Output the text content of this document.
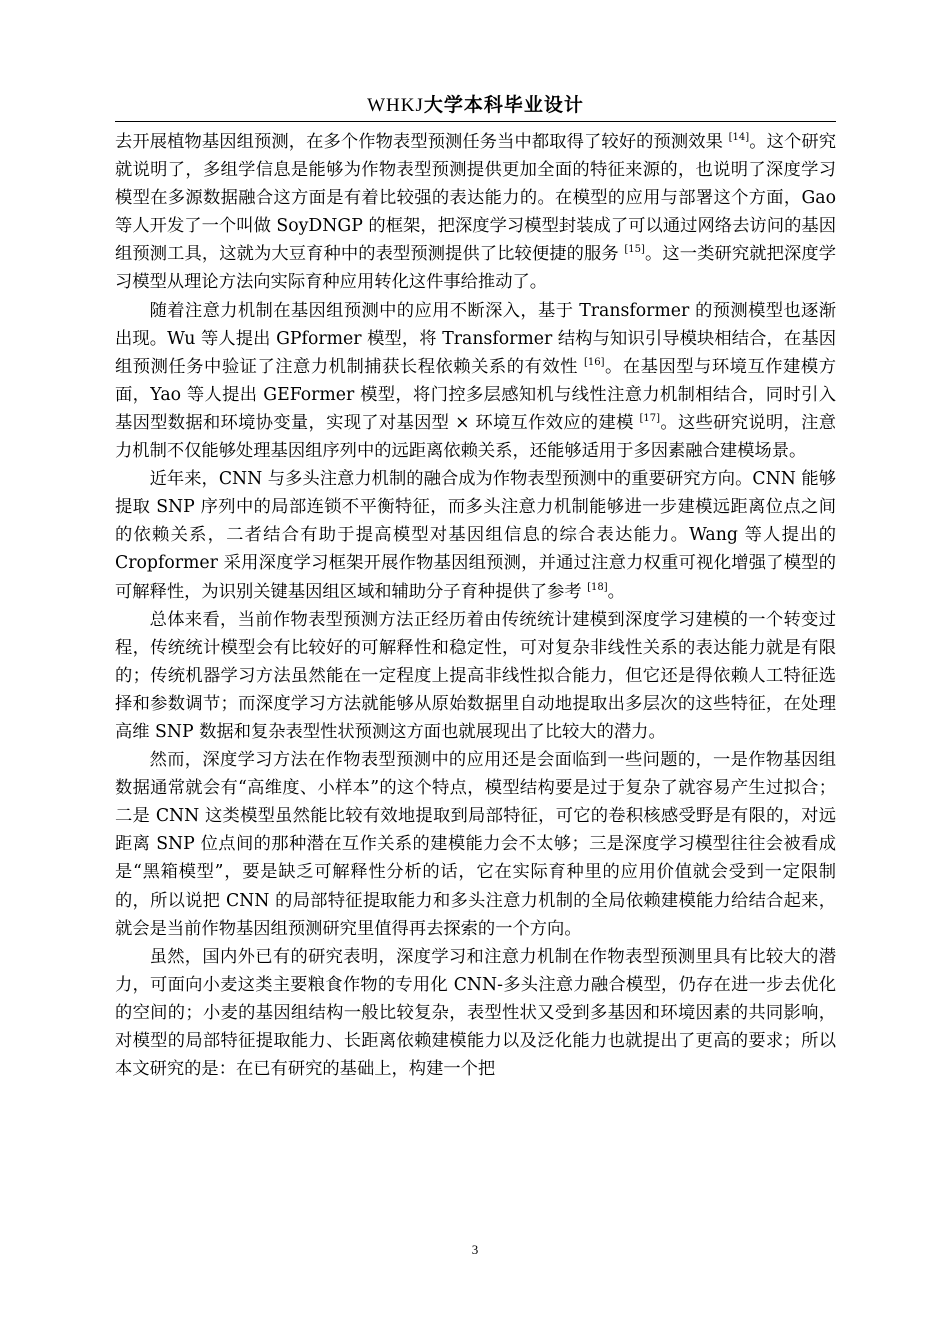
WHKJ大学本科毕业设计

去开展植物基因组预测，在多个作物表型预测任务当中都取得了较好的预测效果 [14]。这个研究就说明了，多组学信息是能够为作物表型预测提供更加全面的特征来源的，也说明了深度学习模型在多源数据融合这方面是有着比较强的表达能力的。在模型的应用与部署这个方面，Gao 等人开发了一个叫做 SoyDNGP 的框架，把深度学习模型封装成了可以通过网络去访问的基因组预测工具，这就为大豆育种中的表型预测提供了比较便捷的服务 [15]。这一类研究就把深度学习模型从理论方法向实际育种应用转化这件事给推动了。

随着注意力机制在基因组预测中的应用不断深入，基于 Transformer 的预测模型也逐渐出现。Wu 等人提出 GPformer 模型，将 Transformer 结构与知识引导模块相结合，在基因组预测任务中验证了注意力机制捕获长程依赖关系的有效性 [16]。在基因型与环境互作建模方面，Yao 等人提出 GEFormer 模型，将门控多层感知机与线性注意力机制相结合，同时引入基因型数据和环境协变量，实现了对基因型 × 环境互作效应的建模 [17]。这些研究说明，注意力机制不仅能够处理基因组序列中的远距离依赖关系，还能够适用于多因素融合建模场景。

近年来，CNN 与多头注意力机制的融合成为作物表型预测中的重要研究方向。CNN 能够提取 SNP 序列中的局部连锁不平衡特征，而多头注意力机制能够进一步建模远距离位点之间的依赖关系，二者结合有助于提高模型对基因组信息的综合表达能力。Wang 等人提出的 Cropformer 采用深度学习框架开展作物基因组预测，并通过注意力权重可视化增强了模型的可解释性，为识别关键基因组区域和辅助分子育种提供了参考 [18]。

总体来看，当前作物表型预测方法正经历着由传统统计建模到深度学习建模的一个转变过程，传统统计模型会有比较好的可解释性和稳定性，可对复杂非线性关系的表达能力就是有限的；传统机器学习方法虽然能在一定程度上提高非线性拟合能力，但它还是得依赖人工特征选择和参数调节；而深度学习方法就能够从原始数据里自动地提取出多层次的这些特征，在处理高维 SNP 数据和复杂表型性状预测这方面也就展现出了比较大的潜力。

然而，深度学习方法在作物表型预测中的应用还是会面临到一些问题的，一是作物基因组数据通常就会有“高维度、小样本”的这个特点，模型结构要是过于复杂了就容易产生过拟合；二是 CNN 这类模型虽然能比较有效地提取到局部特征，可它的卷积核感受野是有限的，对远距离 SNP 位点间的那种潜在互作关系的建模能力会不太够；三是深度学习模型往往会被看成是“黑箱模型”，要是缺乏可解释性分析的话，它在实际育种里的应用价值就会受到一定限制的，所以说把 CNN 的局部特征提取能力和多头注意力机制的全局依赖建模能力给结合起来，就会是当前作物基因组预测研究里值得再去探索的一个方向。

虽然，国内外已有的研究表明，深度学习和注意力机制在作物表型预测里具有比较大的潜力，可面向小麦这类主要粮食作物的专用化 CNN-多头注意力融合模型，仍存在进一步去优化的空间的；小麦的基因组结构一般比较复杂，表型性状又受到多基因和环境因素的共同影响，对模型的局部特征提取能力、长距离依赖建模能力以及泛化能力也就提出了更高的要求；所以本文研究的是：在已有研究的基础上，构建一个把

3
